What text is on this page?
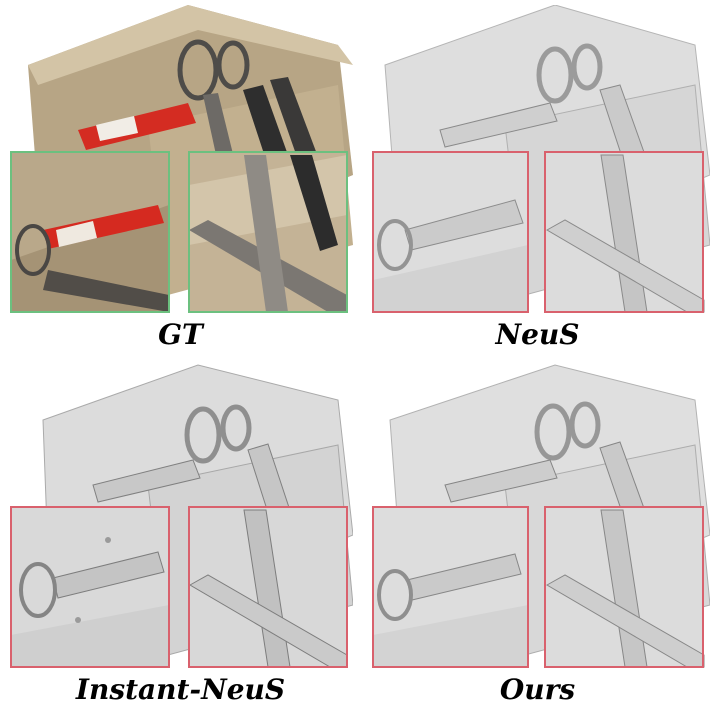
GT	NeuS
Instant-NeuS	Ours
